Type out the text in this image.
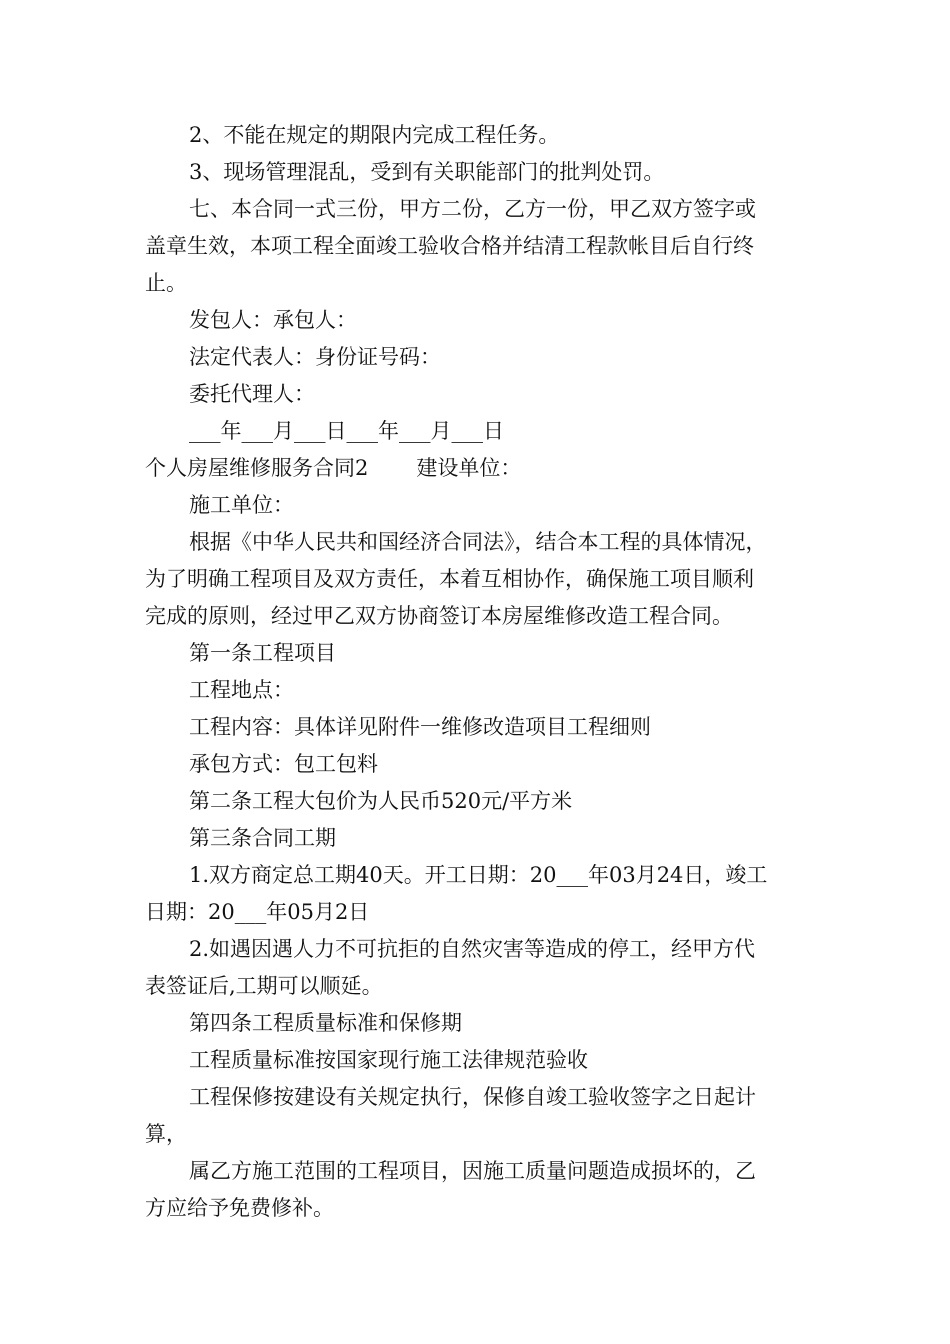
2、不能在规定的期限内完成工程任务。
3、现场管理混乱，受到有关职能部门的批判处罚。
七、本合同一式三份，甲方二份，乙方一份，甲乙双方签字或
盖章生效，本项工程全面竣工验收合格并结清工程款帐目后自行终
止。
发包人：承包人：
法定代表人：身份证号码：
委托代理人：
___年___月___日___年___月___日
个人房屋维修服务合同2 建设单位：
施工单位：
根据《中华人民共和国经济合同法》，结合本工程的具体情况，
为了明确工程项目及双方责任，本着互相协作，确保施工项目顺利
完成的原则，经过甲乙双方协商签订本房屋维修改造工程合同。
第一条工程项目
工程地点：
工程内容：具体详见附件一维修改造项目工程细则
承包方式：包工包料
第二条工程大包价为人民币520元/平方米
第三条合同工期
1.双方商定总工期40天。开工日期：20___年03月24日，竣工
日期：20___年05月2日
2.如遇因遇人力不可抗拒的自然灾害等造成的停工，经甲方代
表签证后,工期可以顺延。
第四条工程质量标准和保修期
工程质量标准按国家现行施工法律规范验收
工程保修按建设有关规定执行，保修自竣工验收签字之日起计
算，
属乙方施工范围的工程项目，因施工质量问题造成损坏的，乙
方应给予免费修补。
